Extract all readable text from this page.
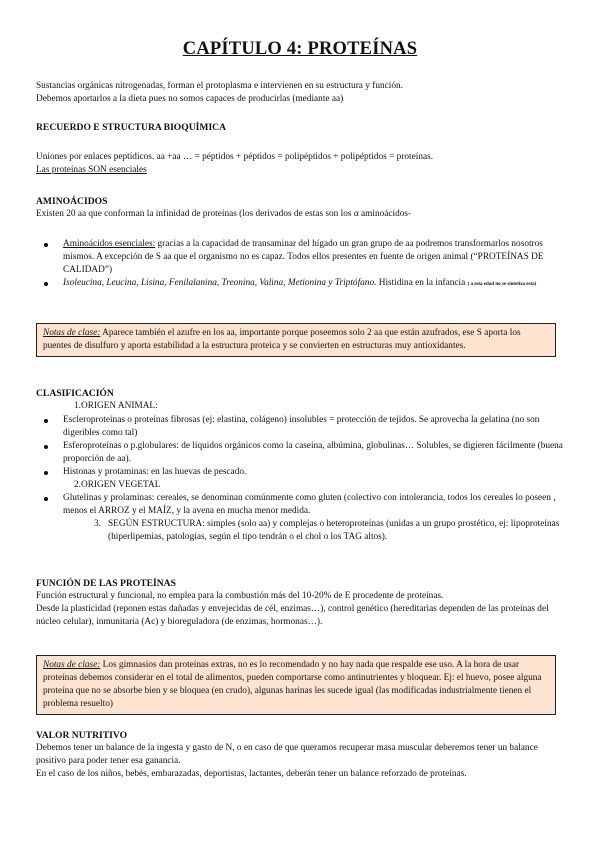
CAPÍTULO 4: PROTEÍNAS
Sustancias orgánicas nitrogenadas, forman el protoplasma e intervienen en su estructura y función.
Debemos aportarlos a la dieta pues no somos capaces de producirlas (mediante aa)
RECUERDO E STRUCTURA BIOQUÍMICA
Uniones por enlaces peptídicos. aa +aa … = péptidos + péptidos = polipéptidos + polipéptidos = proteínas.
Las proteínas SON esenciales
AMINOÁCIDOS
Existen 20 aa que conforman la infinidad de proteínas (los derivados de estas son los α aminoácidos-
Aminoácidos esenciales: gracias a la capacidad de transaminar del hígado un gran grupo de aa podremos transformarlos nosotros mismos. A excepción de S aa que el organismo no es capaz. Todos ellos presentes en fuente de origen animal (“PROTEÍNAS DE CALIDAD”)
Isoleucina, Leucina, Lisina, Fenilalanina, Treonina, Valina, Metionina y Triptófano. Histidina en la infancia ( a esta edad no se sintetiza esta)
Notas de clase: Aparece también el azufre en los aa, importante porque poseemos solo 2 aa que están azufrados, ese S aporta los puentes de disulfuro y aporta estabilidad a la estructura proteica y se convierten en estructuras muy antioxidantes.
CLASIFICACIÓN
1. ORIGEN ANIMAL:
Escleroproteínas o proteínas fibrosas (ej: elastina, colágeno) insolubles = protección de tejidos. Se aprovecha la gelatina (no son digeribles como tal)
Esferoproteínas o p.globulares: de líquidos orgánicos como la caseína, albúmina, globulinas… Solubles, se digieren fácilmente (buena proporción de aa).
Histonas y protaminas: en las huevas de pescado.
2. ORIGEN VEGETAL
Glutelinas y prolaminas: cereales, se denominan comúnmente como gluten (colectivo con intolerancia, todos los cereales lo poseen , menos el ARROZ y el MAÍZ, y la avena en mucha menor medida.
3. SEGÚN ESTRUCTURA: simples (solo aa) y complejas o heteroproteínas (unidas a un grupo prostético, ej: lipoproteínas (hiperlipemias, patologías, según el tipo tendrán o el chol o los TAG altos).
FUNCIÓN DE LAS PROTEÍNAS
Función estructural y funcional, no emplea para la combustión más del 10-20% de E procedente de proteínas.
Desde la plasticidad (reponen estas dañadas y envejecidas de cél, enzimas…), control genético (hereditarias dependen de las proteínas del núcleo celular), inmunitaria (Ac) y bioreguladora (de enzimas, hormonas…).
Notas de clase: Los gimnasios dan proteínas extras, no es lo recomendado y no hay nada que respalde ese uso. A la hora de usar proteínas debemos considerar en el total de alimentos, pueden comportarse como antinutrientes y bloquear. Ej: el huevo, posee alguna proteína que no se absorbe bien y se bloquea (en crudo), algunas harinas les sucede igual (las modificadas industrialmente tienen el problema resuelto)
VALOR NUTRITIVO
Debemos tener un balance de la ingesta y gasto de N, o en caso de que queramos recuperar masa muscular deberemos tener un balance positivo para poder tener esa ganancia.
En el caso de los niños, bebés, embarazadas, deportistas, lactantes, deberán tener un balance reforzado de proteínas.
